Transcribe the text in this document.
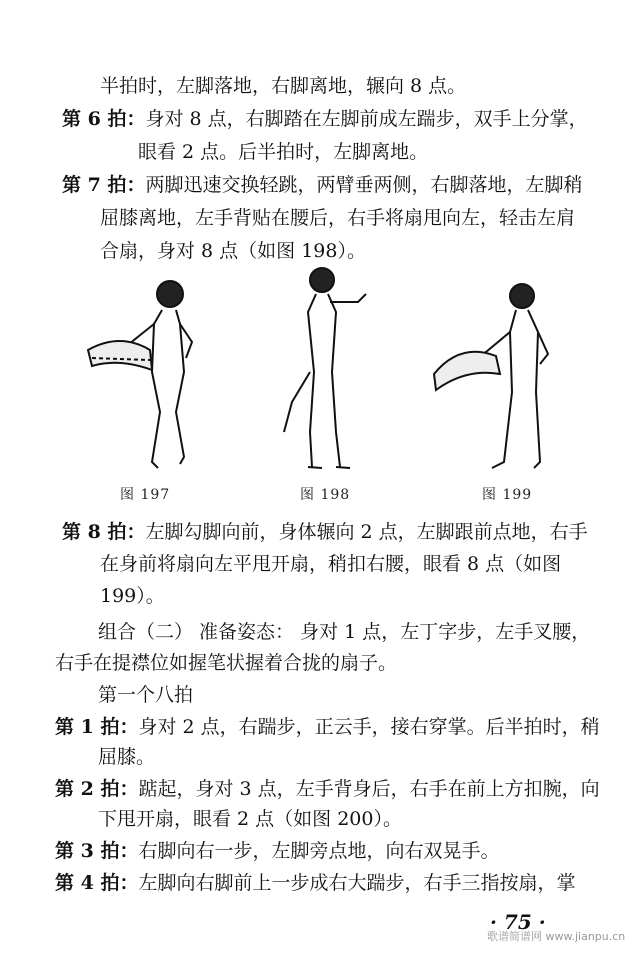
半拍时，左脚落地，右脚离地，辗向 8 点。
第 6 拍：身对 8 点，右脚踏在左脚前成左踹步，双手上分掌，
眼看 2 点。后半拍时，左脚离地。
第 7 拍：两脚迅速交换轻跳，两臂垂两侧，右脚落地，左脚稍
屈膝离地，左手背贴在腰后，右手将扇甩向左，轻击左肩
合扇，身对 8 点（如图 198）。
图 197	图 198	图 199
第 8 拍：左脚勾脚向前，身体辗向 2 点，左脚跟前点地，右手
在身前将扇向左平甩开扇，稍扣右腰，眼看 8 点（如图
199）。
组合（二） 准备姿态： 身对 1 点，左丁字步，左手叉腰，
右手在提襟位如握笔状握着合拢的扇子。
第一个八拍
第 1 拍：身对 2 点，右踹步，正云手，接右穿掌。后半拍时，稍
屈膝。
第 2 拍：踮起，身对 3 点，左手背身后，右手在前上方扣腕，向
下甩开扇，眼看 2 点（如图 200）。
第 3 拍：右脚向右一步，左脚旁点地，向右双晃手。
第 4 拍：左脚向右脚前上一步成右大踹步，右手三指按扇，掌
· 75 ·
歌谱简谱网 www.jianpu.cn
